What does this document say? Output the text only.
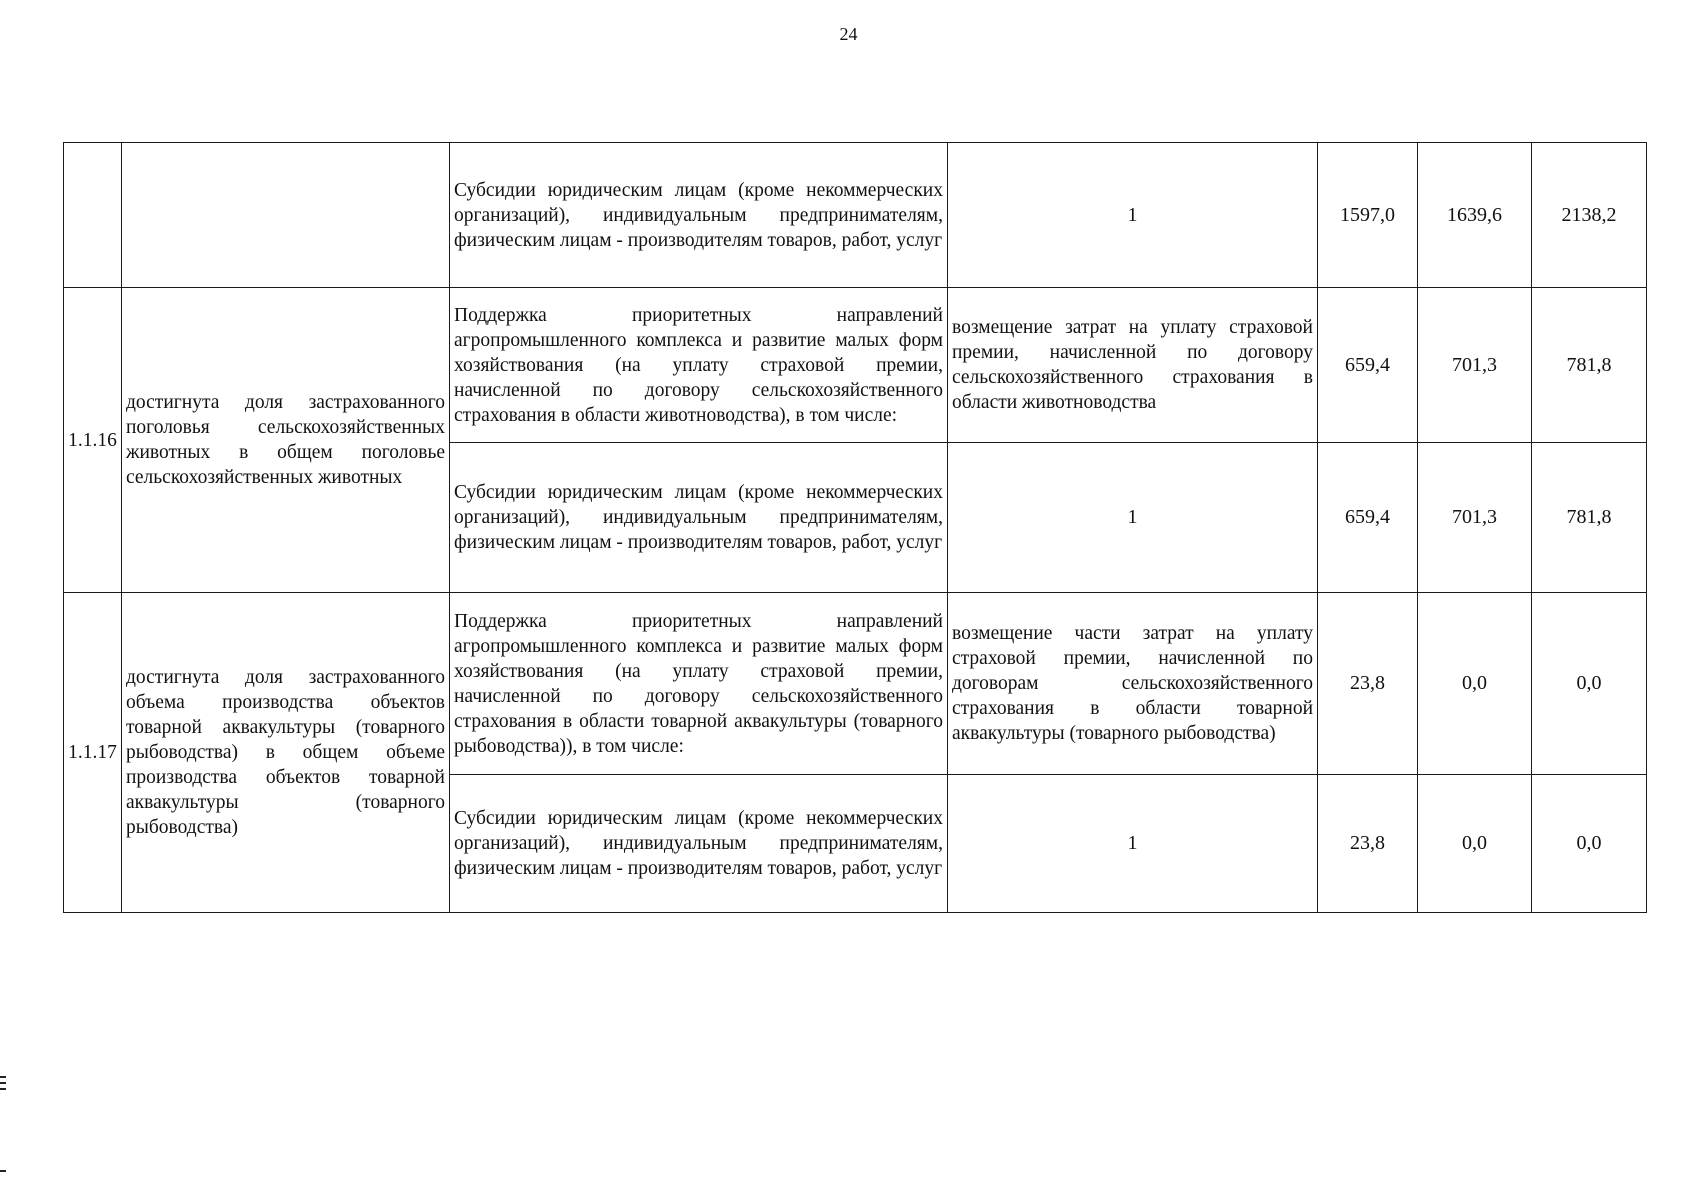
24
		Субсидии юридическим лицам (кроме некоммерческих организаций), индивидуальным предпринимателям, физическим лицам - производителям товаров, работ, услуг	1	1597,0	1639,6	2138,2
1.1.16	достигнута доля застрахованного поголовья сельскохозяйственных животных в общем поголовье сельскохозяйственных животных	Поддержка приоритетных направлений агропромышленного комплекса и развитие малых форм хозяйствования (на уплату страховой премии, начисленной по договору сельскохозяйственного страхования в области животноводства), в том числе:	возмещение затрат на уплату страховой премии, начисленной по договору сельскохозяйственного страхования в области животноводства	659,4	701,3	781,8
		Субсидии юридическим лицам (кроме некоммерческих организаций), индивидуальным предпринимателям, физическим лицам - производителям товаров, работ, услуг	1	659,4	701,3	781,8
1.1.17	достигнута доля застрахованного объема производства объектов товарной аквакультуры (товарного рыбоводства) в общем объеме производства объектов товарной аквакультуры (товарного рыбоводства)	Поддержка приоритетных направлений агропромышленного комплекса и развитие малых форм хозяйствования (на уплату страховой премии, начисленной по договору сельскохозяйственного страхования в области товарной аквакультуры (товарного рыбоводства)), в том числе:	возмещение части затрат на уплату страховой премии, начисленной по договорам сельскохозяйственного страхования в области товарной аквакультуры (товарного рыбоводства)	23,8	0,0	0,0
		Субсидии юридическим лицам (кроме некоммерческих организаций), индивидуальным предпринимателям, физическим лицам - производителям товаров, работ, услуг	1	23,8	0,0	0,0
